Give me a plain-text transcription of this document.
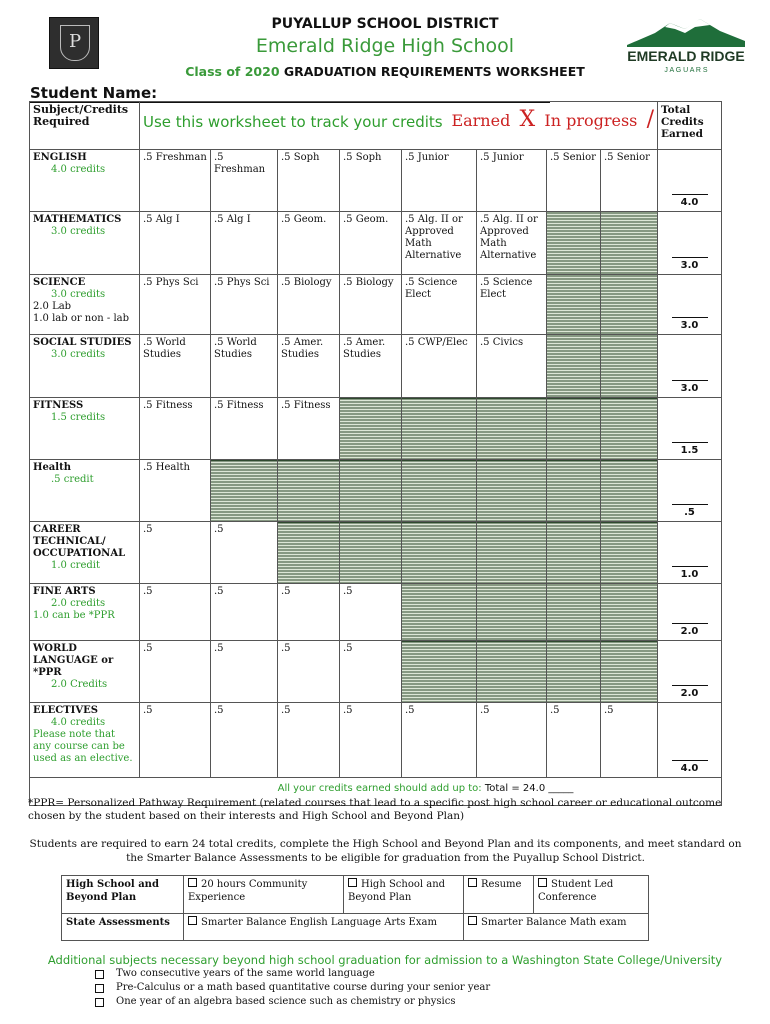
P
PUYALLUP SCHOOL DISTRICT
Emerald Ridge High School
Class of 2020 GRADUATION REQUIREMENTS WORKSHEET
EMERALD RIDGE
J A G U A R S
Student Name:
Subject/Credits Required	Use this worksheet to track your credits Earned X In progress /								Total Credits Earned
ENGLISH
4.0 credits	.5 Freshman	.5 Freshman	.5 Soph	.5 Soph	.5 Junior	.5 Junior	.5 Senior	.5 Senior	4.0
MATHEMATICS
3.0 credits	.5 Alg I	.5 Alg I	.5 Geom.	.5 Geom.	.5 Alg. II or Approved Math Alternative	.5 Alg. II or Approved Math Alternative			3.0
SCIENCE
3.0 credits
2.0 Lab
1.0 lab or non - lab	.5 Phys Sci	.5 Phys Sci	.5 Biology	.5 Biology	.5 Science Elect	.5 Science Elect			3.0
SOCIAL STUDIES
3.0 credits	.5 World Studies	.5 World Studies	.5 Amer. Studies	.5 Amer. Studies	.5 CWP/Elec	.5 Civics			3.0
FITNESS
1.5 credits	.5 Fitness	.5 Fitness	.5 Fitness						1.5
Health
.5 credit	.5 Health								.5
CAREER TECHNICAL/ OCCUPATIONAL
1.0 credit	.5	.5							1.0
FINE ARTS
2.0 credits
1.0 can be *PPR	.5	.5	.5	.5					2.0
WORLD LANGUAGE or *PPR
2.0 Credits	.5	.5	.5	.5					2.0
ELECTIVES
4.0 credits
Please note that any course can be used as an elective.	.5	.5	.5	.5	.5	.5	.5	.5	4.0
All your credits earned should add up to: Total = 24.0 _____									
*PPR= Personalized Pathway Requirement (related courses that lead to a specific post high school career or educational outcome chosen by the student based on their interests and High School and Beyond Plan)
Students are required to earn 24 total credits, complete the High School and Beyond Plan and its components, and meet standard on the Smarter Balance Assessments to be eligible for graduation from the Puyallup School District.
High School and Beyond Plan	20 hours Community Experience	High School and Beyond Plan	Resume	Student Led Conference
State Assessments	Smarter Balance English Language Arts Exam		Smarter Balance Math exam	
Additional subjects necessary beyond high school graduation for admission to a Washington State College/University
Two consecutive years of the same world language
Pre-Calculus or a math based quantitative course during your senior year
One year of an algebra based science such as chemistry or physics
